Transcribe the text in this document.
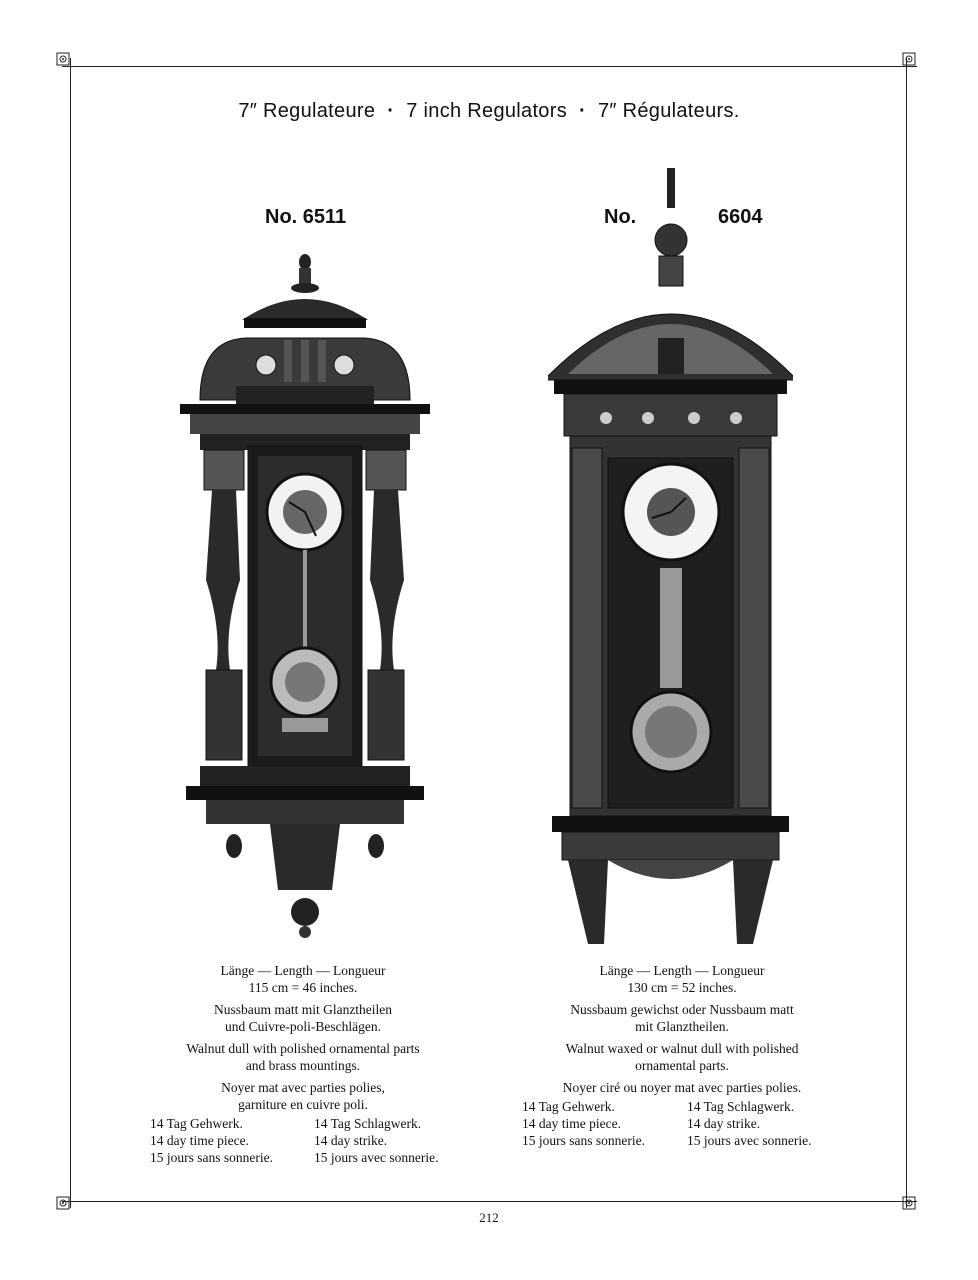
7″ Regulateure · 7 inch Regulators · 7″ Régulateurs.
No. 6511	No.	6604

Länge — Length — Longueur
115 cm = 46 inches.

Nussbaum matt mit Glanztheilen
und Cuivre-poli-Beschlägen.

Walnut dull with polished ornamental parts
and brass mountings.

Noyer mat avec parties polies,
garniture en cuivre poli.

14 Tag Gehwerk.	14 Tag Schlagwerk.
14 day time piece.	14 day strike.
15 jours sans sonnerie.	15 jours avec sonnerie.

Länge — Length — Longueur
130 cm = 52 inches.

Nussbaum gewichst oder Nussbaum matt
mit Glanztheilen.

Walnut waxed or walnut dull with polished
ornamental parts.

Noyer ciré ou noyer mat avec parties polies.

14 Tag Gehwerk.	14 Tag Schlagwerk.
14 day time piece.	14 day strike.
15 jours sans sonnerie.	15 jours avec sonnerie.
212
